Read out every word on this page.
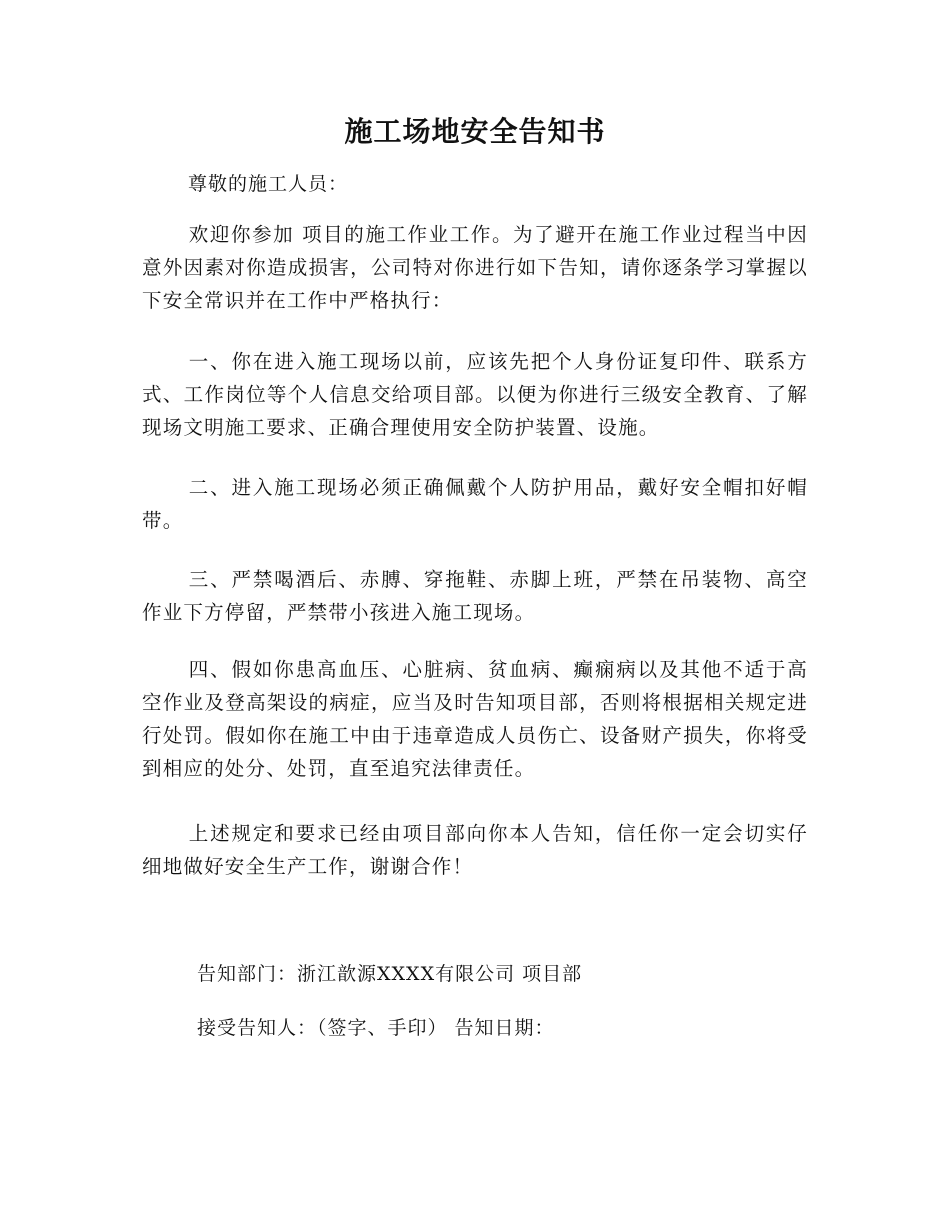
施工场地安全告知书
尊敬的施工人员：

欢迎你参加 项目的施工作业工作。为了避开在施工作业过程当中因意外因素对你造成损害，公司特对你进行如下告知，请你逐条学习掌握以下安全常识并在工作中严格执行：

一、你在进入施工现场以前，应该先把个人身份证复印件、联系方式、工作岗位等个人信息交给项目部。以便为你进行三级安全教育、了解现场文明施工要求、正确合理使用安全防护装置、设施。

二、进入施工现场必须正确佩戴个人防护用品，戴好安全帽扣好帽带。

三、严禁喝酒后、赤膊、穿拖鞋、赤脚上班，严禁在吊装物、高空作业下方停留，严禁带小孩进入施工现场。

四、假如你患高血压、心脏病、贫血病、癫痫病以及其他不适于高空作业及登高架设的病症，应当及时告知项目部，否则将根据相关规定进行处罚。假如你在施工中由于违章造成人员伤亡、设备财产损失，你将受到相应的处分、处罚，直至追究法律责任。

上述规定和要求已经由项目部向你本人告知，信任你一定会切实仔细地做好安全生产工作，谢谢合作！

告知部门：浙江歆源XXXX有限公司 项目部
接受告知人：（签字、手印） 告知日期：
